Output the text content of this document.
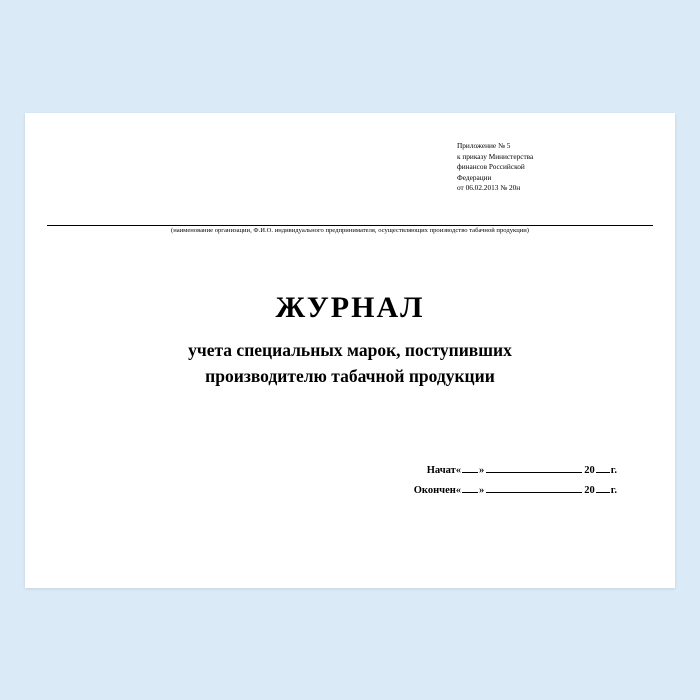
Приложение № 5
к приказу Министерства
финансов Российской
Федерации
от 06.02.2013 № 20н
(наименование организации, Ф.И.О. индивидуального предпринимателя, осуществляющих производство табачной продукции)
ЖУРНАЛ
учета специальных марок, поступивших
производителю табачной продукции
Начат « »	20 г.
Окончен « »	20 г.
